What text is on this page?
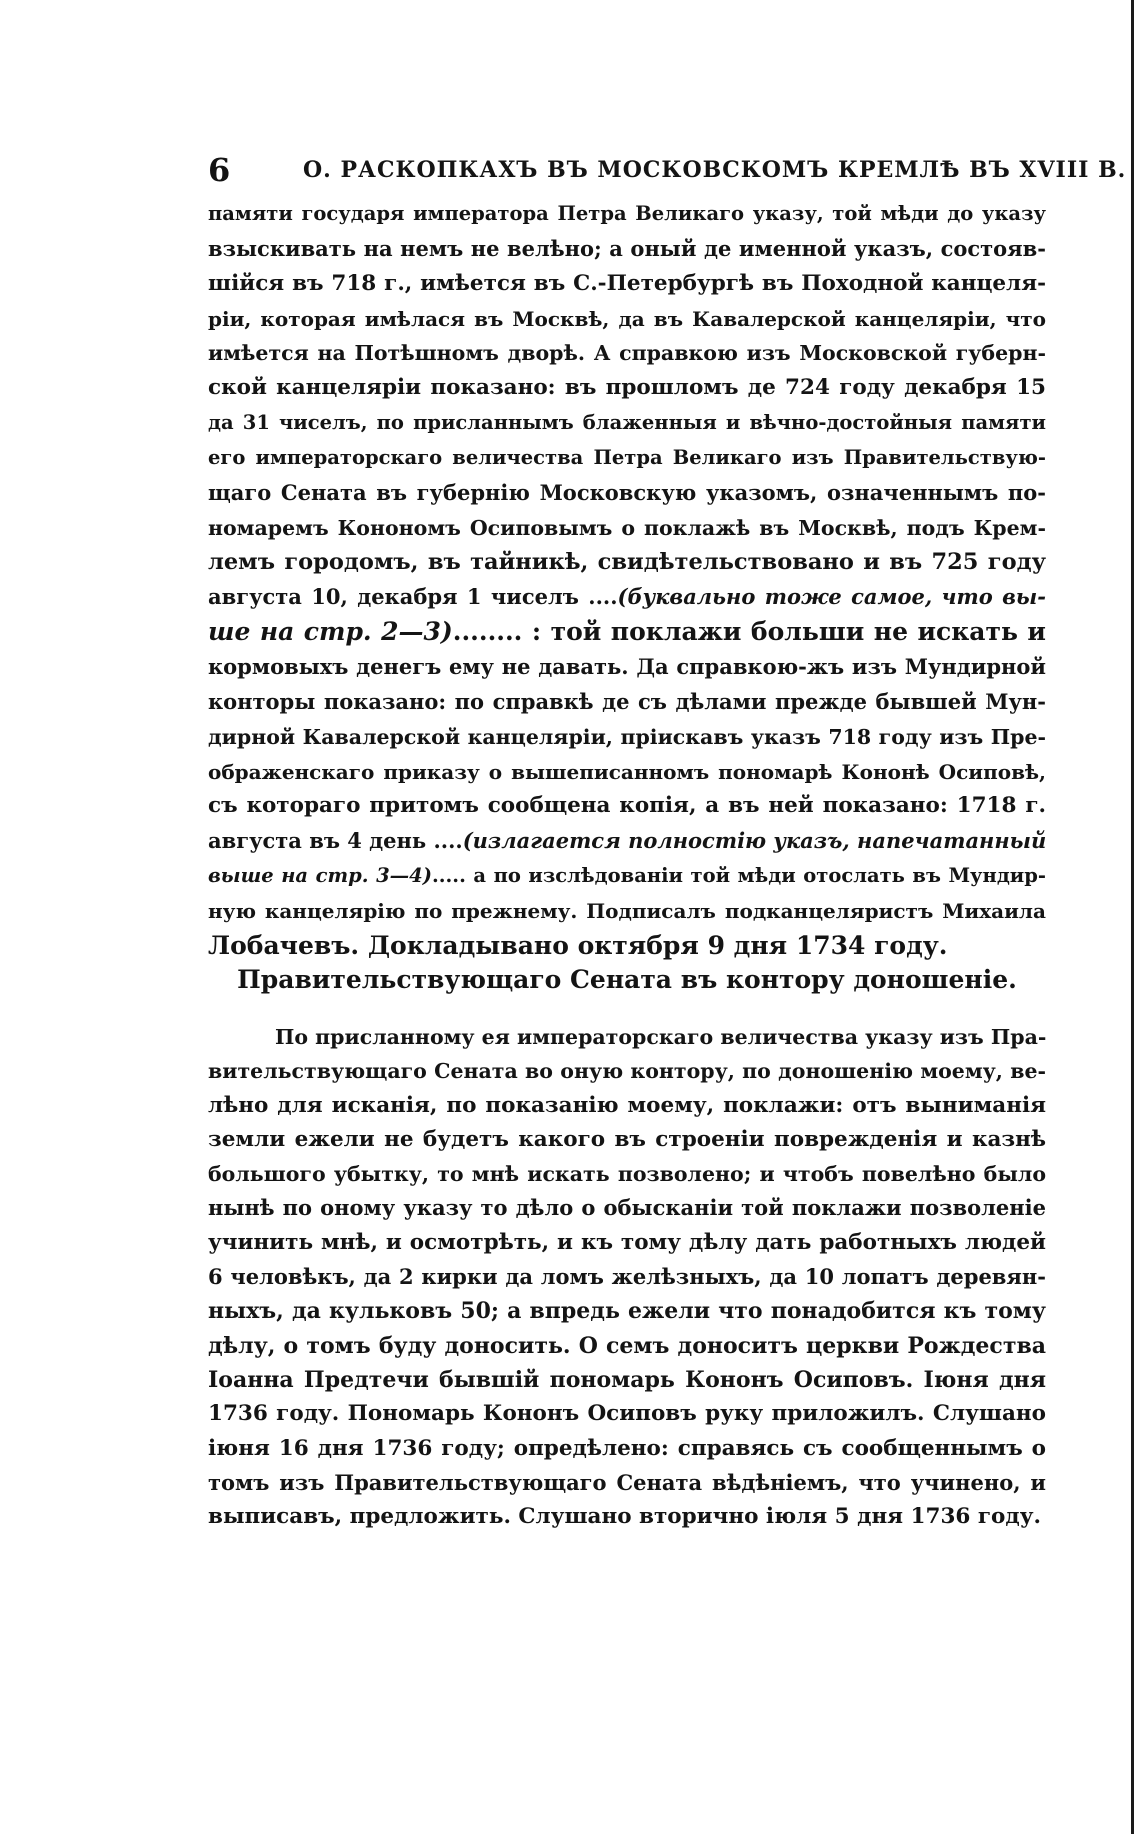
6	О. РАСКОПКАХЪ ВЪ МОСКОВСКОМЪ КРЕМЛѢ ВЪ XVIII В.
памяти государя императора Петра Великаго указу, той мѣди до указу
взыскивать на немъ не велѣно; а оный де именной указъ, состояв-
шійся въ 718 г., имѣется въ С.-Петербургѣ въ Походной канцеля-
ріи, которая имѣлася въ Москвѣ, да въ Кавалерской канцеляріи, что
имѣется на Потѣшномъ дворѣ. А справкою изъ Московской губерн-
ской канцеляріи показано: въ прошломъ де 724 году декабря 15
да 31 чиселъ, по присланнымъ блаженныя и вѣчно-достойныя памяти
его императорскаго величества Петра Великаго изъ Правительствую-
щаго Сената въ губернію Московскую указомъ, означеннымъ по-
номаремъ Конономъ Осиповымъ о поклажѣ въ Москвѣ, подъ Крем-
лемъ городомъ, въ тайникѣ, свидѣтельствовано и въ 725 году
августа 10, декабря 1 чиселъ ....(буквально тоже самое, что вы-
ше на стр. 2—3)........ : той поклажи больши не искать и
кормовыхъ денегъ ему не давать. Да справкою-жъ изъ Мундирной
конторы показано: по справкѣ де съ дѣлами прежде бывшей Мун-
дирной Кавалерской канцеляріи, пріискавъ указъ 718 году изъ Пре-
ображенскаго приказу о вышеписанномъ пономарѣ Кононѣ Осиповѣ,
съ котораго притомъ сообщена копія, а въ ней показано: 1718 г.
августа въ 4 день ....(излагается полностію указъ, напечатанный
выше на стр. 3—4)..... а по изслѣдованіи той мѣди отослать въ Мундир-
ную канцелярію по прежнему. Подписалъ подканцеляристъ Михаила
Лобачевъ. Докладывано октября 9 дня 1734 году.
Правительствующаго Сената въ контору доношеніе.
По присланному ея императорскаго величества указу изъ Пра-
вительствующаго Сената во оную контору, по доношенію моему, ве-
лѣно для исканія, по показанію моему, поклажи: отъ выниманія
земли ежели не будетъ какого въ строеніи поврежденія и казнѣ
большого убытку, то мнѣ искать позволено; и чтобъ повелѣно было
нынѣ по оному указу то дѣло о обысканіи той поклажи позволеніе
учинить мнѣ, и осмотрѣть, и къ тому дѣлу дать работныхъ людей
6 человѣкъ, да 2 кирки да ломъ желѣзныхъ, да 10 лопатъ деревян-
ныхъ, да кульковъ 50; а впредь ежели что понадобится къ тому
дѣлу, о томъ буду доносить. О семъ доноситъ церкви Рождества
Іоанна Предтечи бывшій пономарь Кононъ Осиповъ. Іюня дня
1736 году. Пономарь Кононъ Осиповъ руку приложилъ. Слушано
іюня 16 дня 1736 году; опредѣлено: справясь съ сообщеннымъ о
томъ изъ Правительствующаго Сената вѣдѣніемъ, что учинено, и
выписавъ, предложить. Слушано вторично іюля 5 дня 1736 году.
